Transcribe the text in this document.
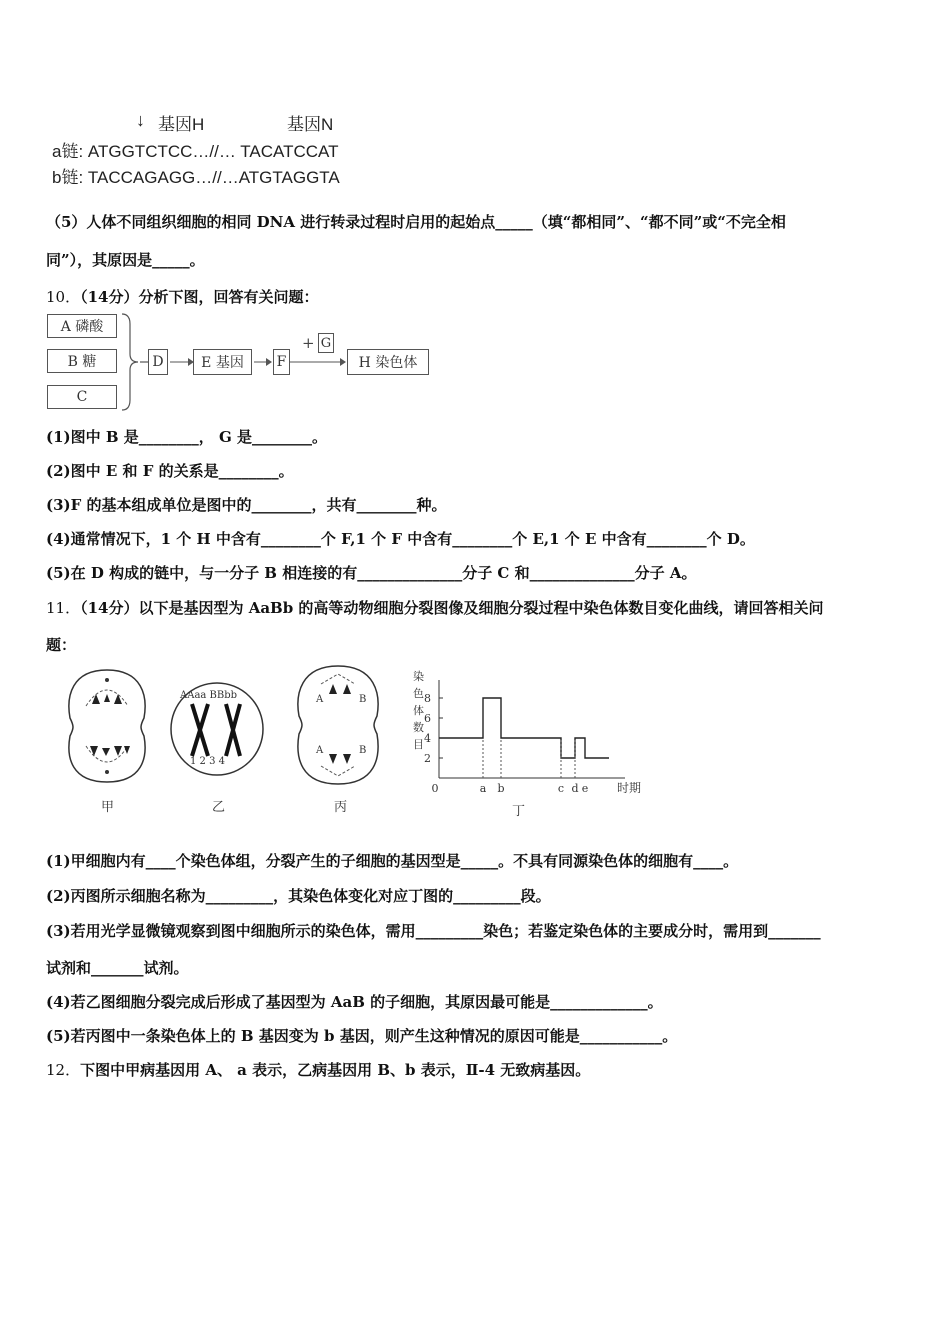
↓ 基因H	基因N
a链: ATGGTCTCC…//… TACATCCAT
b链: TACCAGAGG…//…ATGTAGGTA
（5）人体不同组织细胞的相同 DNA 进行转录过程时启用的起始点_____（填“都相同”、“都不同”或“不完全相
同”），其原因是_____。
10．（14分）分析下图，回答有关问题：
A 磷酸
B 糖
C
D	E 基因	F
+ G
H 染色体
(1)图中 B 是________， G 是________。
(2)图中 E 和 F 的关系是________。
(3)F 的基本组成单位是图中的________，共有________种。
(4)通常情况下，1 个 H 中含有________个 F,1 个 F 中含有________个 E,1 个 E 中含有________个 D。
(5)在 D 构成的链中，与一分子 B 相连接的有______________分子 C 和______________分子 A。
11．（14分）以下是基因型为 AaBb 的高等动物细胞分裂图像及细胞分裂过程中染色体数目变化曲线，请回答相关问
题：
甲
AAaa BBbb
1 2 3 4
乙
A	B
A	B
丙
染
色
体
数
目
8
6
4
2
0	a b	c d e 时期
丁
(1)甲细胞内有____个染色体组，分裂产生的子细胞的基因型是_____。不具有同源染色体的细胞有____。
(2)丙图所示细胞名称为_________，其染色体变化对应丁图的_________段。
(3)若用光学显微镜观察到图中细胞所示的染色体，需用_________染色；若鉴定染色体的主要成分时，需用到_______
试剂和_______试剂。
(4)若乙图细胞分裂完成后形成了基因型为 AaB 的子细胞，其原因最可能是_____________。
(5)若丙图中一条染色体上的 B 基因变为 b 基因，则产生这种情况的原因可能是___________。
12．下图中甲病基因用 A、 a 表示，乙病基因用 B、b 表示，Ⅱ-4 无致病基因。
